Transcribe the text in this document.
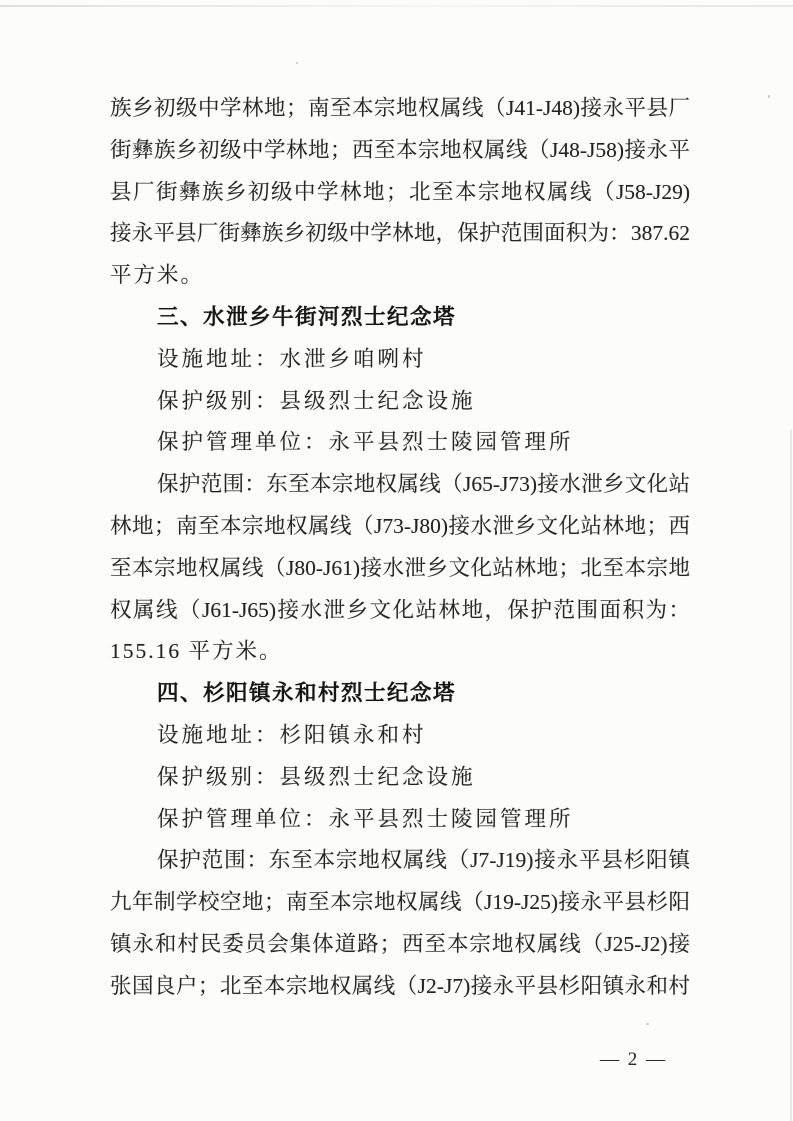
族乡初级中学林地；南至本宗地权属线（J41-J48)接永平县厂
街彝族乡初级中学林地；西至本宗地权属线（J48-J58)接永平
县厂街彝族乡初级中学林地；北至本宗地权属线（J58-J29)
接永平县厂街彝族乡初级中学林地，保护范围面积为：387.62
平方米。
三、水泄乡牛街河烈士纪念塔
设施地址：水泄乡咱咧村
保护级别：县级烈士纪念设施
保护管理单位：永平县烈士陵园管理所
保护范围：东至本宗地权属线（J65-J73)接水泄乡文化站
林地；南至本宗地权属线（J73-J80)接水泄乡文化站林地；西
至本宗地权属线（J80-J61)接水泄乡文化站林地；北至本宗地
权属线（J61-J65)接水泄乡文化站林地，保护范围面积为：
155.16 平方米。
四、杉阳镇永和村烈士纪念塔
设施地址：杉阳镇永和村
保护级别：县级烈士纪念设施
保护管理单位：永平县烈士陵园管理所
保护范围：东至本宗地权属线（J7-J19)接永平县杉阳镇
九年制学校空地；南至本宗地权属线（J19-J25)接永平县杉阳
镇永和村民委员会集体道路；西至本宗地权属线（J25-J2)接
张国良户；北至本宗地权属线（J2-J7)接永平县杉阳镇永和村
— 2 —
